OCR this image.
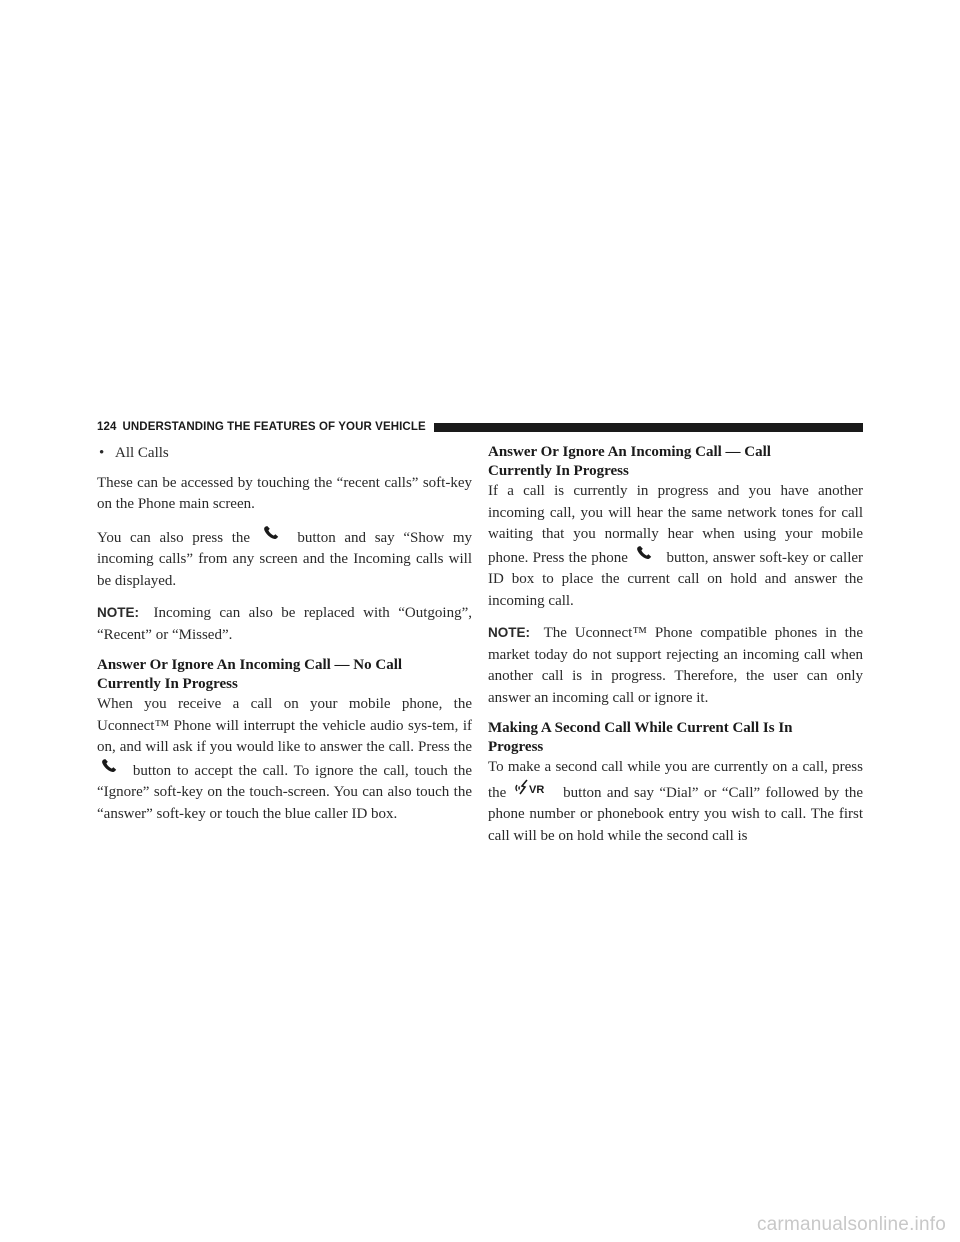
124 UNDERSTANDING THE FEATURES OF YOUR VEHICLE
• All Calls

These can be accessed by touching the “recent calls” soft-key on the Phone main screen.

You can also press the	button and say “Show my incoming calls” from any screen and the Incoming calls will be displayed.

NOTE: Incoming can also be replaced with “Outgoing”, “Recent” or “Missed”.

Answer Or Ignore An Incoming Call — No Call
Currently In Progress

When you receive a call on your mobile phone, the Uconnect™ Phone will interrupt the vehicle audio sys-tem, if on, and will ask if you would like to answer the call. Press the  button to accept the call. To ignore the call, touch the “Ignore” soft-key on the touch-screen. You can also touch the “answer” soft-key or touch the blue caller ID box.

Answer Or Ignore An Incoming Call — Call
Currently In Progress

If a call is currently in progress and you have another incoming call, you will hear the same network tones for call waiting that you normally hear when using your mobile phone. Press the phone	button, answer soft-key or caller ID box to place the current call on hold and answer the incoming call.

NOTE: The Uconnect™ Phone compatible phones in the market today do not support rejecting an incoming call when another call is in progress. Therefore, the user can only answer an incoming call or ignore it.

Making A Second Call While Current Call Is In
Progress

To make a second call while you are currently on a call, press the VR button and say “Dial” or “Call” followed by the phone number or phonebook entry you wish to call. The first call will be on hold while the second call is

carmanualsonline.info
